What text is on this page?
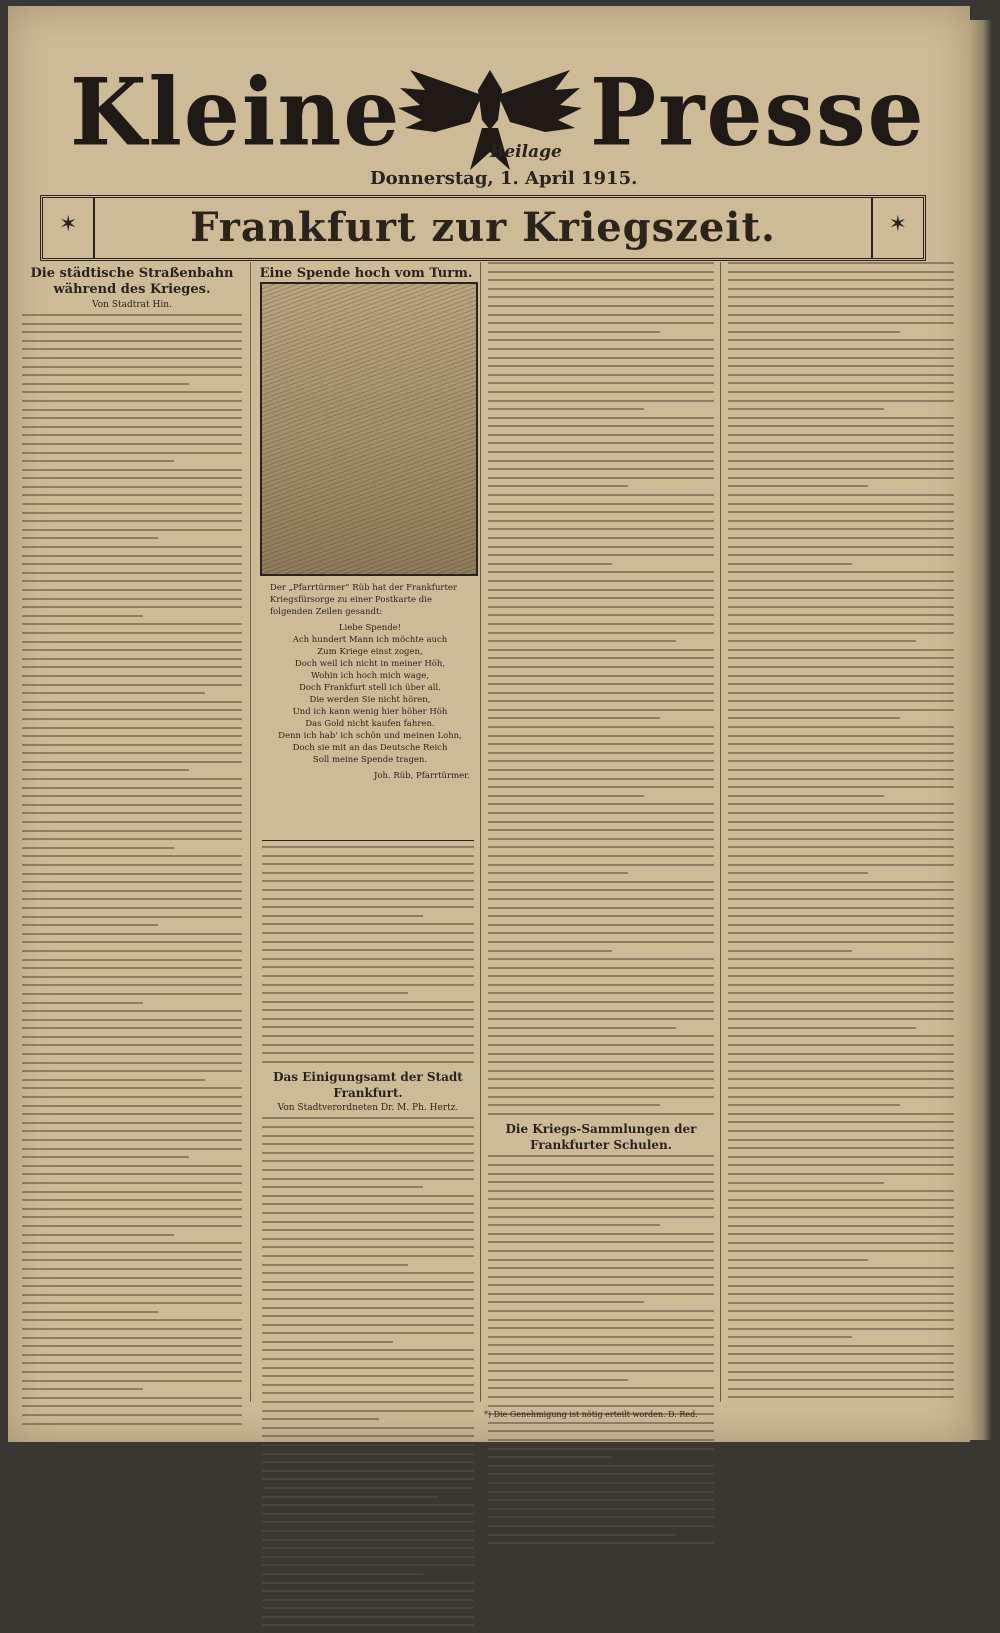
Kleine	Beilage Presse
Donnerstag, 1. April 1915.
✶	Frankfurt zur Kriegszeit.	✶
Die städtische Straßenbahn während des Krieges.
Von Stadtrat Hin.
Eine Spende hoch vom Turm.
Der „Pfarrtürmer“ Rüb hat der Frankfurter Kriegsfürsorge zu einer Postkarte die folgenden Zeilen gesandt:
Liebe Spende!
Ach hundert Mann ich möchte auch
Zum Kriege einst zogen,
Doch weil ich nicht in meiner Höh,
Wohin ich hoch mich wage,
Doch Frankfurt stell ich über all.
Die werden Sie nicht hören,
Und ich kann wenig hier höher Höh
Das Gold nicht kaufen fahren.
Denn ich hab' ich schön und meinen Lohn,
Doch sie mit an das Deutsche Reich
Soll meine Spende tragen.
Joh. Rüb, Pfarrtürmer.
Das Einigungsamt der Stadt Frankfurt.
Von Stadtverordneten Dr. M. Ph. Hertz.
Die Kriegs-Sammlungen der Frankfurter Schulen.
*) Die Genehmigung ist nötig erteilt worden. D. Red.
